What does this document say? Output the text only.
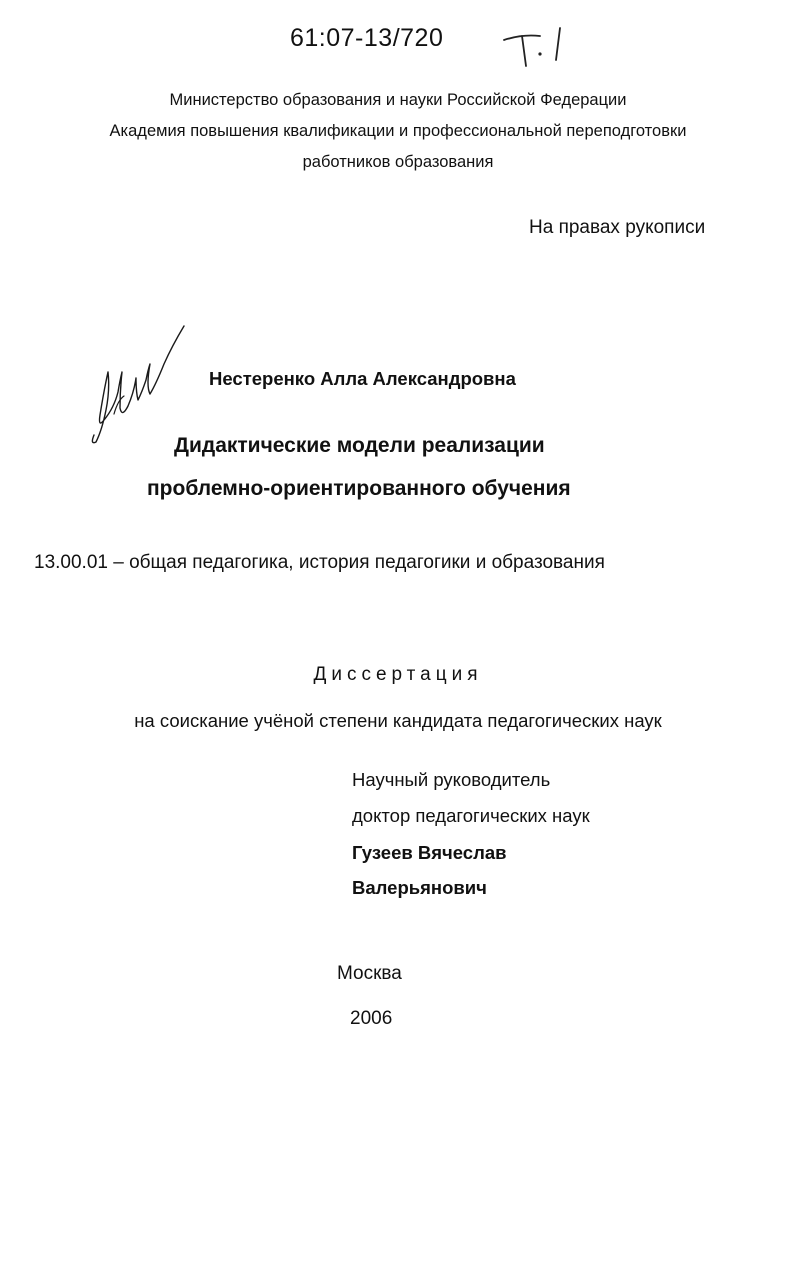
61:07-13/720
Министерство образования и науки Российской Федерации
Академия повышения квалификации и профессиональной переподготовки
работников образования
На правах рукописи
Нестеренко Алла Александровна
Дидактические модели реализации
проблемно-ориентированного обучения
13.00.01 – общая педагогика, история педагогики и образования
Диссертация
на соискание учёной степени кандидата педагогических наук
Научный руководитель
доктор педагогических наук
Гузеев Вячеслав
Валерьянович
Москва
2006
